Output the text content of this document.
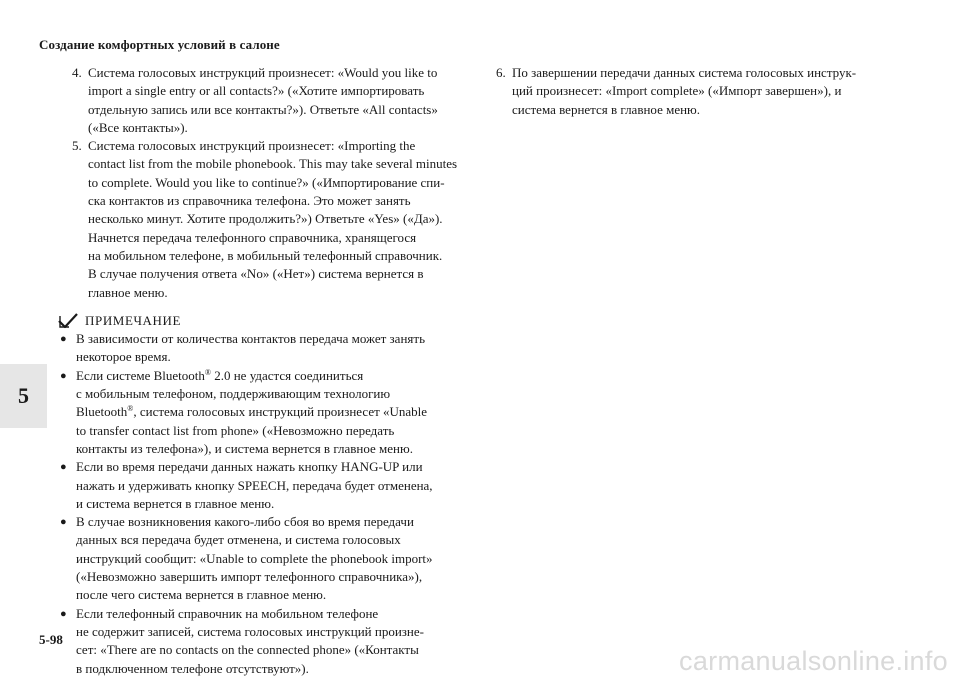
Создание комфортных условий в салоне
5
4. Система голосовых инструкций произнесет: «Would you like to
import a single entry or all contacts?» («Хотите импортировать
отдельную запись или все контакты?»). Ответьте «All contacts»
(«Все контакты»).
5. Система голосовых инструкций произнесет: «Importing the
contact list from the mobile phonebook. This may take several minutes
to complete. Would you like to continue?» («Импортирование спи-
ска контактов из справочника телефона. Это может занять
несколько минут. Хотите продолжить?») Ответьте «Yes» («Да»).
Начнется передача телефонного справочника, хранящегося
на мобильном телефоне, в мобильный телефонный справочник.
В случае получения ответа «No» («Нет») система вернется в
главное меню.
ПРИМЕЧАНИЕ
● В зависимости от количества контактов передача может занять
некоторое время.
● Если системе Bluetooth® 2.0 не удастся соединиться
с мобильным телефоном, поддерживающим технологию
Bluetooth®, система голосовых инструкций произнесет «Unable
to transfer contact list from phone» («Невозможно передать
контакты из телефона»), и система вернется в главное меню.
● Если во время передачи данных нажать кнопку HANG-UP или
нажать и удерживать кнопку SPEECH, передача будет отменена,
и система вернется в главное меню.
● В случае возникновения какого-либо сбоя во время передачи
данных вся передача будет отменена, и система голосовых
инструкций сообщит: «Unable to complete the phonebook import»
(«Невозможно завершить импорт телефонного справочника»),
после чего система вернется в главное меню.
● Если телефонный справочник на мобильном телефоне
не содержит записей, система голосовых инструкций произне-
сет: «There are no contacts on the connected phone» («Контакты
в подключенном телефоне отсутствуют»).
6. По завершении передачи данных система голосовых инструк-
ций произнесет: «Import complete» («Импорт завершен»), и
система вернется в главное меню.
5-98
carmanualsonline.info
